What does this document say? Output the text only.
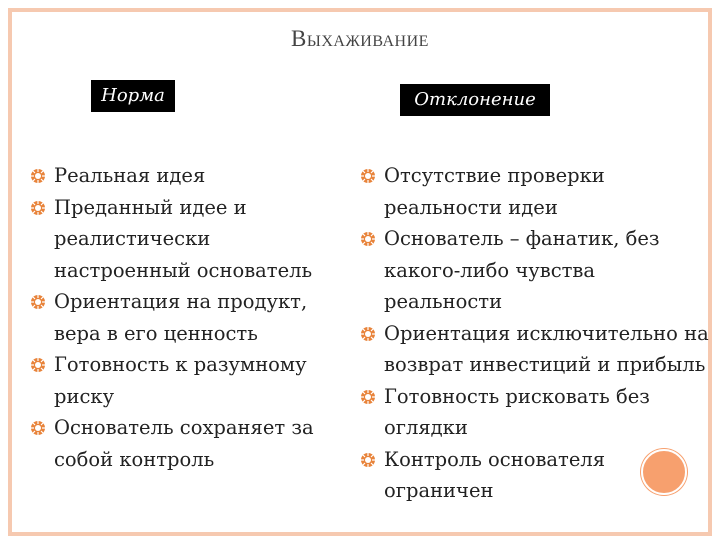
Выхаживание
Норма	Отклонение
Реальная идея
Преданный идее и реалистически настроенный основатель
Ориентация на продукт, вера в его ценность
Готовность к разумному риску
Основатель сохраняет за собой контроль
Отсутствие проверки реальности идеи
Основатель – фанатик, без какого-либо чувства реальности
Ориентация исключительно на возврат инвестиций и прибыль
Готовность рисковать без оглядки
Контроль основателя ограничен
